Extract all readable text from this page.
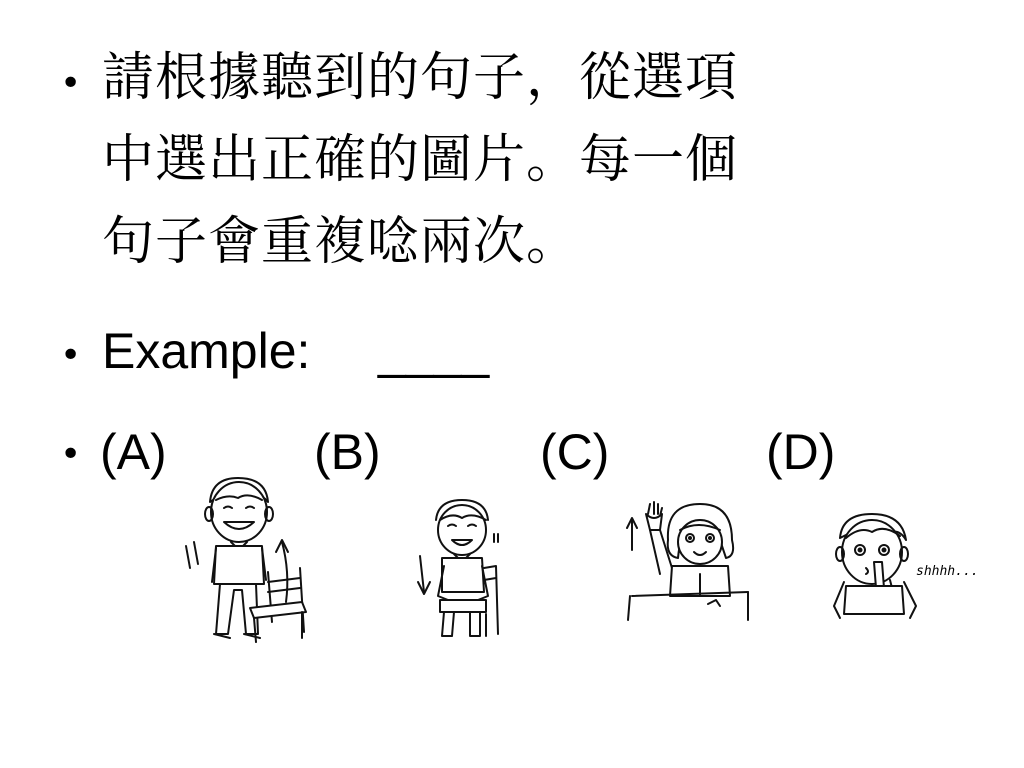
• 請根據聽到的句子，從選項
中選出正確的圖片。每一個
句子會重複唸兩次。
• Example: ____
• (A)	(B)	(C)	(D)
shhhh...
